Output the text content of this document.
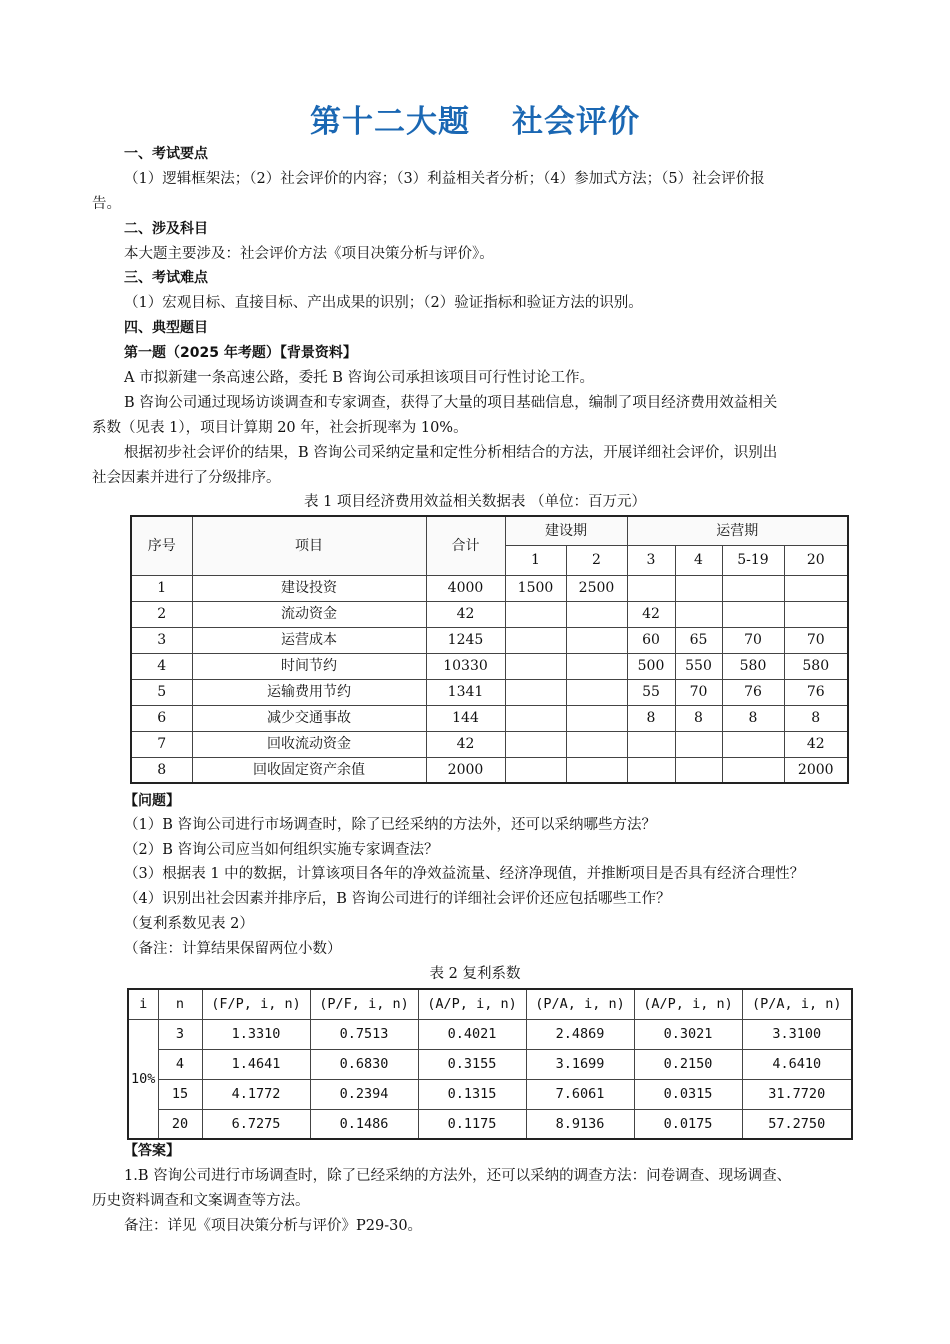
第十二大题 社会评价
一、考试要点
（1）逻辑框架法；（2）社会评价的内容；（3）利益相关者分析；（4）参加式方法；（5）社会评价报
告。
二、涉及科目
本大题主要涉及：社会评价方法《项目决策分析与评价》。
三、考试难点
（1）宏观目标、直接目标、产出成果的识别；（2）验证指标和验证方法的识别。
四、典型题目
第一题（2025 年考题）【背景资料】
A 市拟新建一条高速公路，委托 B 咨询公司承担该项目可行性讨论工作。
B 咨询公司通过现场访谈调查和专家调查，获得了大量的项目基础信息，编制了项目经济费用效益相关
系数（见表 1），项目计算期 20 年，社会折现率为 10%。
根据初步社会评价的结果，B 咨询公司采纳定量和定性分析相结合的方法，开展详细社会评价，识别出
社会因素并进行了分级排序。
表 1 项目经济费用效益相关数据表 （单位：百万元）
序号	项目	合计	建设期		运营期			
			1	2	3	4	5-19	20
1	建设投资	4000	1500	2500				
2	流动资金	42			42			
3	运营成本	1245			60	65	70	70
4	时间节约	10330			500	550	580	580
5	运输费用节约	1341			55	70	76	76
6	减少交通事故	144			8	8	8	8
7	回收流动资金	42						42
8	回收固定资产余值	2000						2000
【问题】
（1）B 咨询公司进行市场调查时，除了已经采纳的方法外，还可以采纳哪些方法？
（2）B 咨询公司应当如何组织实施专家调查法？
（3）根据表 1 中的数据，计算该项目各年的净效益流量、经济净现值，并推断项目是否具有经济合理性？
（4）识别出社会因素并排序后，B 咨询公司进行的详细社会评价还应包括哪些工作？
（复利系数见表 2）
（备注：计算结果保留两位小数）
表 2 复利系数
i	n	(F/P, i, n)	(P/F, i, n)	(A/P, i, n)	(P/A, i, n)	(A/P, i, n)	(P/A, i, n)
10%	3	1.3310	0.7513	0.4021	2.4869	0.3021	3.3100
	4	1.4641	0.6830	0.3155	3.1699	0.2150	4.6410
	15	4.1772	0.2394	0.1315	7.6061	0.0315	31.7720
	20	6.7275	0.1486	0.1175	8.9136	0.0175	57.2750
【答案】
1.B 咨询公司进行市场调查时，除了已经采纳的方法外，还可以采纳的调查方法：问卷调查、现场调查、
历史资料调查和文案调查等方法。
备注：详见《项目决策分析与评价》P29-30。
